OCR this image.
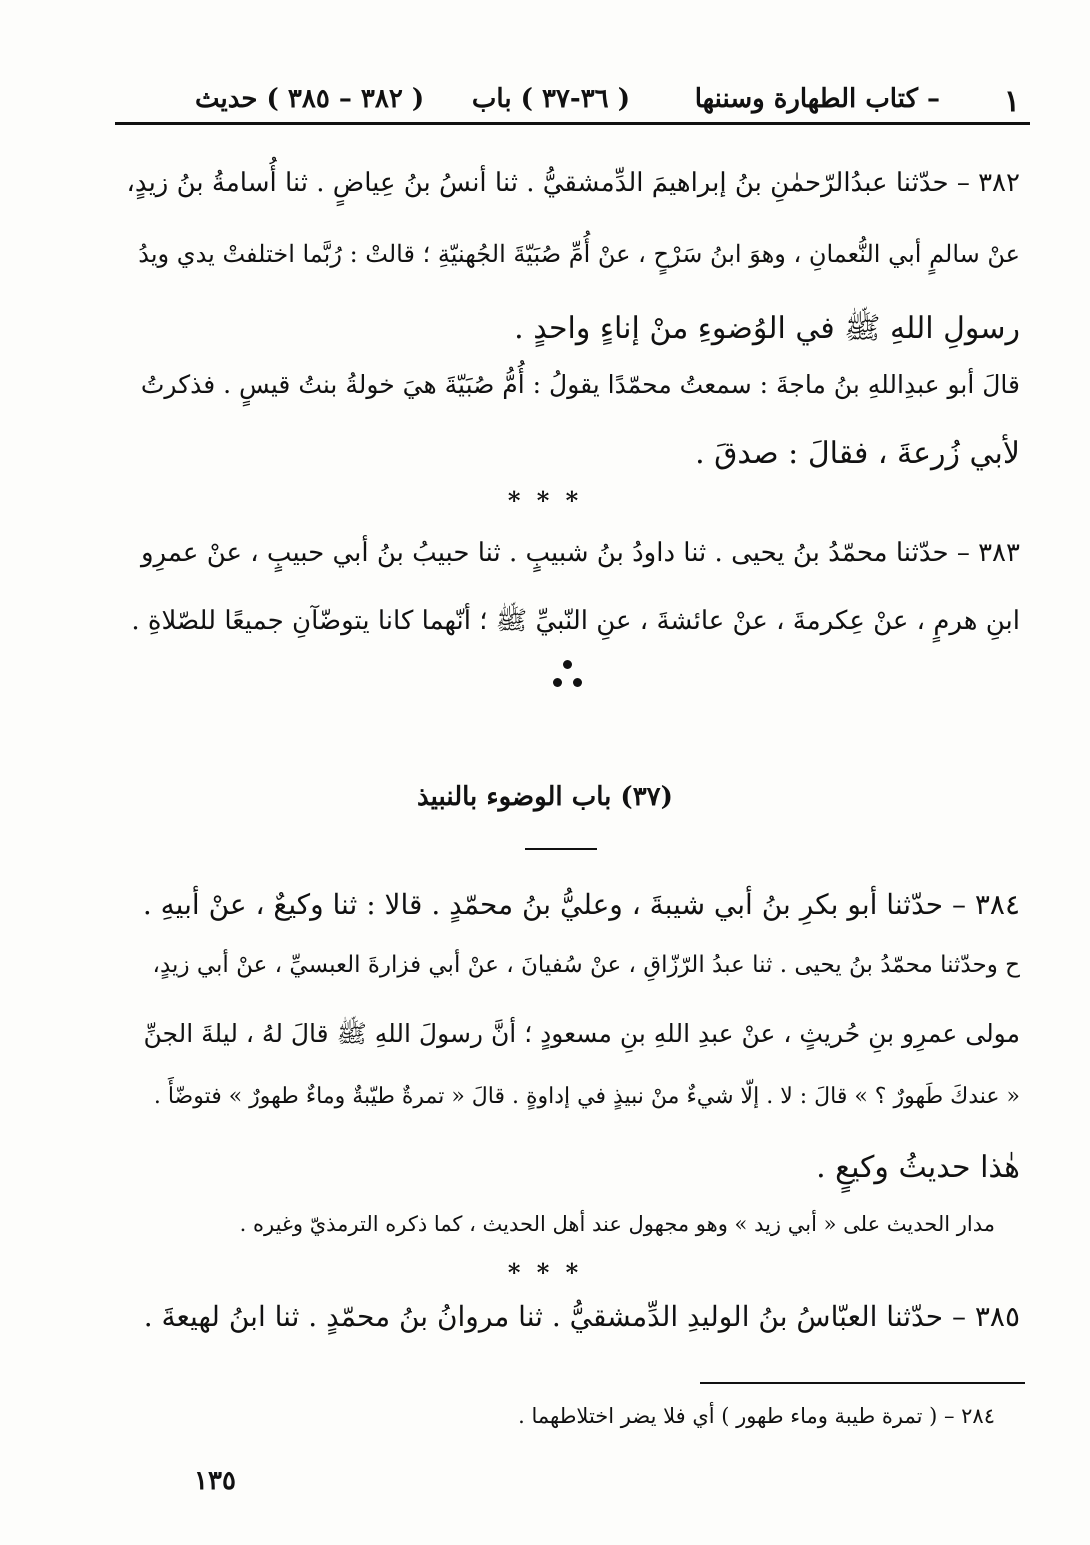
١
– كتاب الطهارة وسننها
( ٣٦-٣٧ ) باب
( ٣٨٢ – ٣٨٥ ) حديث
٣٨٢ – حدّثنا عبدُالرّحمٰنِ بنُ إبراهيمَ الدِّمشقيُّ . ثنا أنسُ بنُ عِياضٍ . ثنا أُسامةُ بنُ زيدٍ،
عنْ سالمٍ أبي النُّعمانِ ، وهوَ ابنُ سَرْحٍ ، عنْ أُمِّ صُبَيّةَ الجُهنيّةِ ؛ قالتْ : رُبَّما اختلفتْ يدي ويدُ
رسولِ اللهِ ﷺ في الوُضوءِ منْ إناءٍ واحدٍ .
قالَ أبو عبدِاللهِ بنُ ماجةَ : سمعتُ محمّدًا يقولُ : أُمُّ صُبَيّةَ هيَ خولةُ بنتُ قيسٍ . فذكرتُ
لأبي زُرعةَ ، فقالَ : صدقَ .
* * *
٣٨٣ – حدّثنا محمّدُ بنُ يحيى . ثنا داودُ بنُ شبيبٍ . ثنا حبيبُ بنُ أبي حبيبٍ ، عنْ عمرِو
ابنِ هرمٍ ، عنْ عِكرمةَ ، عنْ عائشةَ ، عنِ النّبيِّ ﷺ ؛ أنّهما كانا يتوضّآنِ جميعًا للصّلاةِ .
(٣٧) باب الوضوء بالنبيذ
٣٨٤ – حدّثنا أبو بكرِ بنُ أبي شيبةَ ، وعليُّ بنُ محمّدٍ . قالا : ثنا وكيعٌ ، عنْ أبيهِ .
ح وحدّثنا محمّدُ بنُ يحيى . ثنا عبدُ الرّزّاقِ ، عنْ سُفيانَ ، عنْ أبي فزارةَ العبسيِّ ، عنْ أبي زيدٍ،
مولى عمرِو بنِ حُريثٍ ، عنْ عبدِ اللهِ بنِ مسعودٍ ؛ أنَّ رسولَ اللهِ ﷺ قالَ لهُ ، ليلةَ الجنِّ
« عندكَ طَهورٌ ؟ » قالَ : لا . إلّا شيءٌ منْ نبيذٍ في إداوةٍ . قالَ « تمرةٌ طيّبةٌ وماءٌ طهورٌ » فتوضّأَ .
هٰذا حديثُ وكيعٍ .
مدار الحديث على « أبي زيد » وهو مجهول عند أهل الحديث ، كما ذكره الترمذيّ وغيره .
* * *
٣٨٥ – حدّثنا العبّاسُ بنُ الوليدِ الدِّمشقيُّ . ثنا مروانُ بنُ محمّدٍ . ثنا ابنُ لهيعةَ .
٢٨٤ – ( تمرة طيبة وماء طهور ) أي فلا يضر اختلاطهما .
١٣٥
